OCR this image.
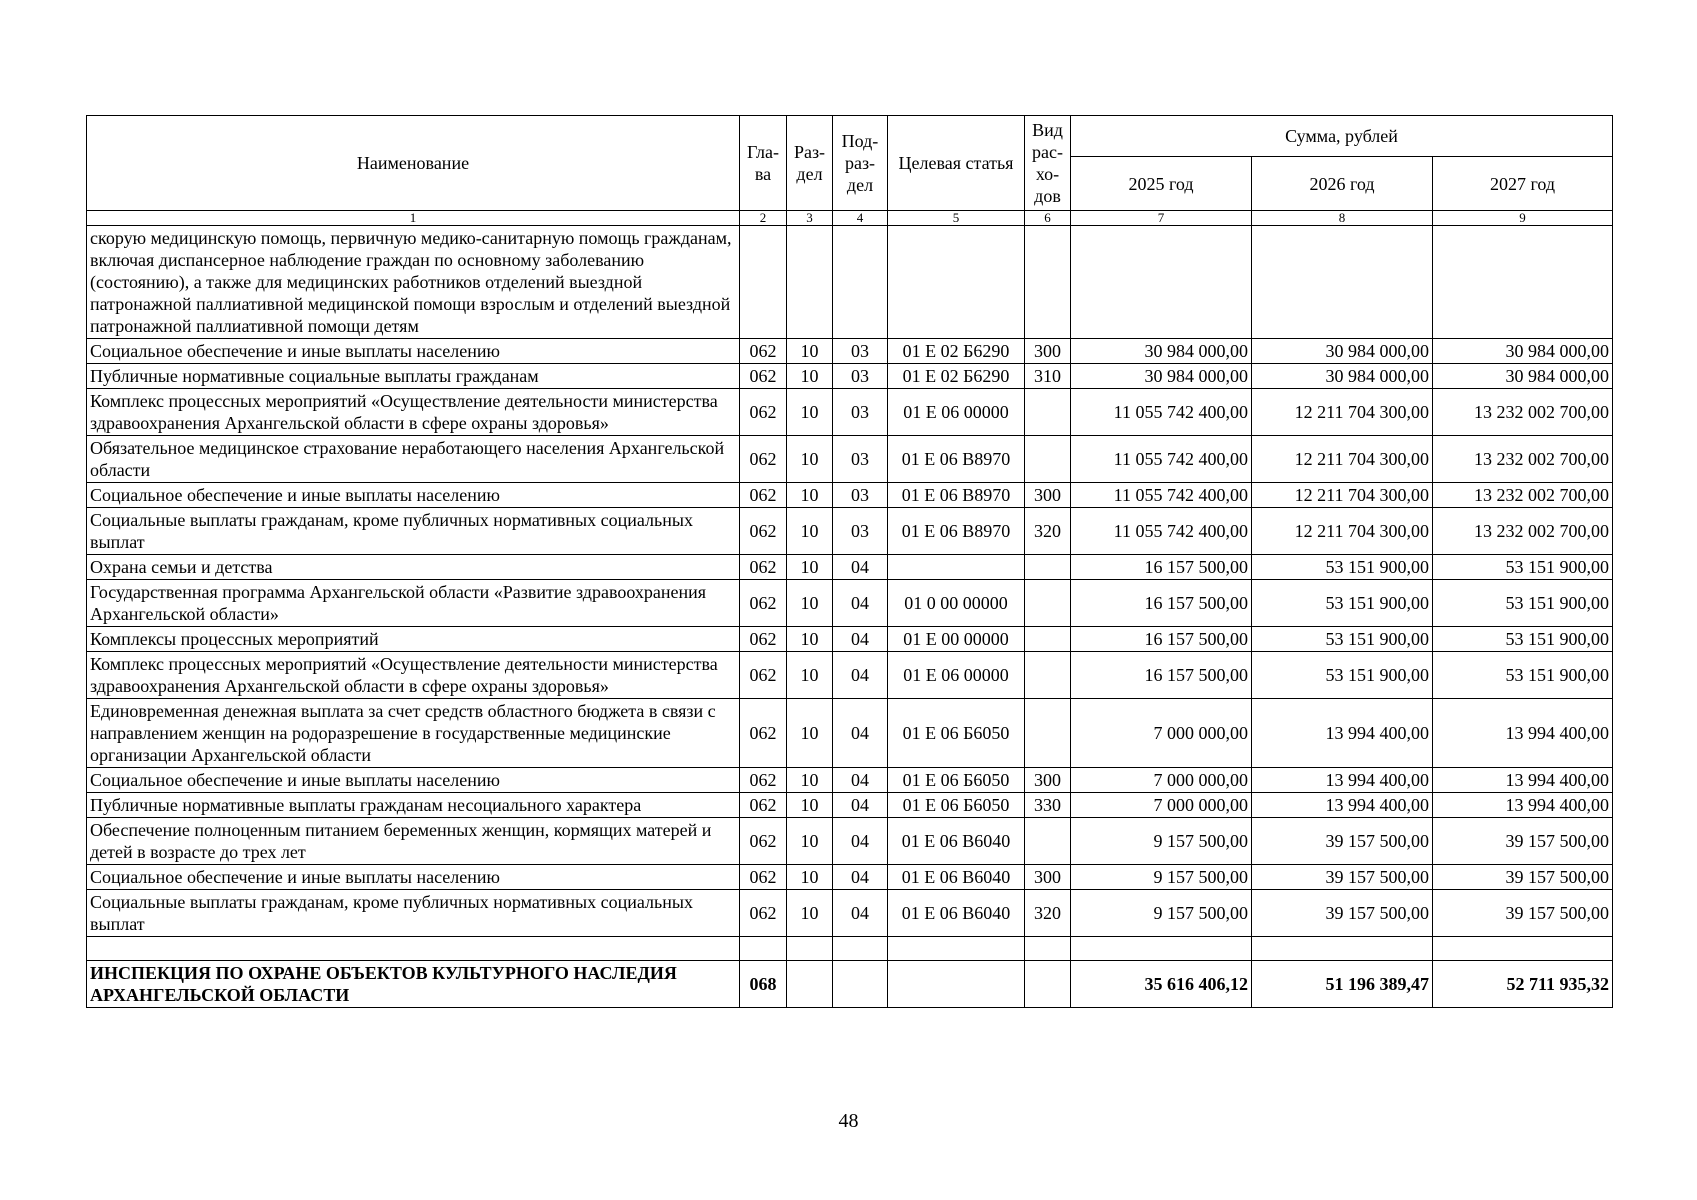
Наименование	Гла-ва	Раз-дел	Под-раз-дел	Целевая статья	Вид рас-хо-дов	Сумма, рублей		
						2025 год	2026 год	2027 год
1	2	3	4	5	6	7	8	9
скорую медицинскую помощь, первичную медико-санитарную помощь гражданам, включая диспансерное наблюдение граждан по основному заболеванию (состоянию), а также для медицинских работников отделений выездной патронажной паллиативной медицинской помощи взрослым и отделений выездной патронажной паллиативной помощи детям								
Социальное обеспечение и иные выплаты населению	062	10	03	01 Е 02 Б6290	300	30 984 000,00	30 984 000,00	30 984 000,00
Публичные нормативные социальные выплаты гражданам	062	10	03	01 Е 02 Б6290	310	30 984 000,00	30 984 000,00	30 984 000,00
Комплекс процессных мероприятий «Осуществление деятельности министерства здравоохранения Архангельской области в сфере охраны здоровья»	062	10	03	01 Е 06 00000		11 055 742 400,00	12 211 704 300,00	13 232 002 700,00
Обязательное медицинское страхование неработающего населения Архангельской области	062	10	03	01 Е 06 В8970		11 055 742 400,00	12 211 704 300,00	13 232 002 700,00
Социальное обеспечение и иные выплаты населению	062	10	03	01 Е 06 В8970	300	11 055 742 400,00	12 211 704 300,00	13 232 002 700,00
Социальные выплаты гражданам, кроме публичных нормативных социальных выплат	062	10	03	01 Е 06 В8970	320	11 055 742 400,00	12 211 704 300,00	13 232 002 700,00
Охрана семьи и детства	062	10	04			16 157 500,00	53 151 900,00	53 151 900,00
Государственная программа Архангельской области «Развитие здравоохранения Архангельской области»	062	10	04	01 0 00 00000		16 157 500,00	53 151 900,00	53 151 900,00
Комплексы процессных мероприятий	062	10	04	01 Е 00 00000		16 157 500,00	53 151 900,00	53 151 900,00
Комплекс процессных мероприятий «Осуществление деятельности министерства здравоохранения Архангельской области в сфере охраны здоровья»	062	10	04	01 Е 06 00000		16 157 500,00	53 151 900,00	53 151 900,00
Единовременная денежная выплата за счет средств областного бюджета в связи с направлением женщин на родоразрешение в государственные медицинские организации Архангельской области	062	10	04	01 Е 06 Б6050		7 000 000,00	13 994 400,00	13 994 400,00
Социальное обеспечение и иные выплаты населению	062	10	04	01 Е 06 Б6050	300	7 000 000,00	13 994 400,00	13 994 400,00
Публичные нормативные выплаты гражданам несоциального характера	062	10	04	01 Е 06 Б6050	330	7 000 000,00	13 994 400,00	13 994 400,00
Обеспечение полноценным питанием беременных женщин, кормящих матерей и детей в возрасте до трех лет	062	10	04	01 Е 06 В6040		9 157 500,00	39 157 500,00	39 157 500,00
Социальное обеспечение и иные выплаты населению	062	10	04	01 Е 06 В6040	300	9 157 500,00	39 157 500,00	39 157 500,00
Социальные выплаты гражданам, кроме публичных нормативных социальных выплат	062	10	04	01 Е 06 В6040	320	9 157 500,00	39 157 500,00	39 157 500,00

ИНСПЕКЦИЯ ПО ОХРАНЕ ОБЪЕКТОВ КУЛЬТУРНОГО НАСЛЕДИЯ АРХАНГЕЛЬСКОЙ ОБЛАСТИ	068					35 616 406,12	51 196 389,47	52 711 935,32
48
